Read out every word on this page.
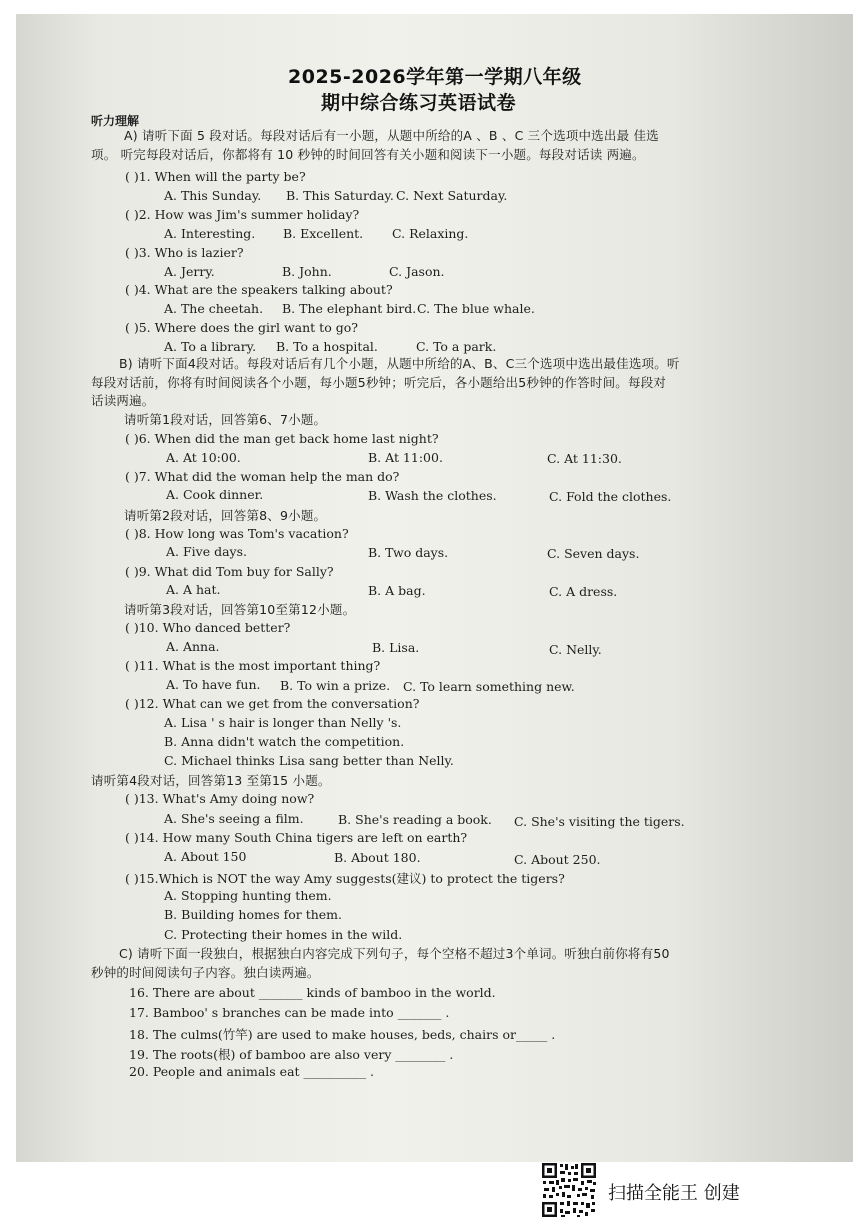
2025-2026学年第一学期八年级
期中综合练习英语试卷
听力理解
A) 请听下面 5 段对话。每段对话后有一小题，从题中所给的A 、B 、C 三个选项中选出最 佳选
项。 听完每段对话后，你都将有 10 秒钟的时间回答有关小题和阅读下一小题。每段对话读 两遍。
( )1. When will the party be?
A. This Sunday. B. This Saturday. C. Next Saturday.
( )2. How was Jim's summer holiday?
A. Interesting. B. Excellent. C. Relaxing.
( )3. Who is lazier?
A. Jerry.	B. John.	C. Jason.
( )4. What are the speakers talking about?
A. The cheetah. B. The elephant bird. C. The blue whale.
( )5. Where does the girl want to go?
A. To a library. B. To a hospital.	C. To a park.
B) 请听下面4段对话。每段对话后有几个小题，从题中所给的A、B、C三个选项中选出最佳选项。听
每段对话前，你将有时间阅读各个小题，每小题5秒钟；听完后，各小题给出5秒钟的作答时间。每段对
话读两遍。
请听第1段对话，回答第6、7小题。
( )6. When did the man get back home last night?
A. At 10:00.	B. At 11:00.	C. At 11:30.
( )7. What did the woman help the man do?
A. Cook dinner.	B. Wash the clothes.	C. Fold the clothes.
请听第2段对话，回答第8、9小题。
( )8. How long was Tom's vacation?
A. Five days.	B. Two days.	C. Seven days.
( )9. What did Tom buy for Sally?
A. A hat.	B. A bag.	C. A dress.
请听第3段对话，回答第10至第12小题。
( )10. Who danced better?
A. Anna.	B. Lisa.	C. Nelly.
( )11. What is the most important thing?
A. To have fun. B. To win a prize. C. To learn something new.
( )12. What can we get from the conversation?
A. Lisa ' s hair is longer than Nelly 's.
B. Anna didn't watch the competition.
C. Michael thinks Lisa sang better than Nelly.
请听第4段对话，回答第13 至第15 小题。
( )13. What's Amy doing now?
A. She's seeing a film.	B. She's reading a book. C. She's visiting the tigers.
( )14. How many South China tigers are left on earth?
A. About 150	B. About 180.	C. About 250.
( )15.Which is NOT the way Amy suggests(建议) to protect the tigers?
A. Stopping hunting them.
B. Building homes for them.
C. Protecting their homes in the wild.
C) 请听下面一段独白，根据独白内容完成下列句子，每个空格不超过3个单词。听独白前你将有50
秒钟的时间阅读句子内容。独白读两遍。
16. There are about _______ kinds of bamboo in the world.
17. Bamboo' s branches can be made into _______ .
18. The culms(竹竿) are used to make houses, beds, chairs or_____ .
19. The roots(根) of bamboo are also very ________ .
20. People and animals eat __________ .
扫描全能王 创建
